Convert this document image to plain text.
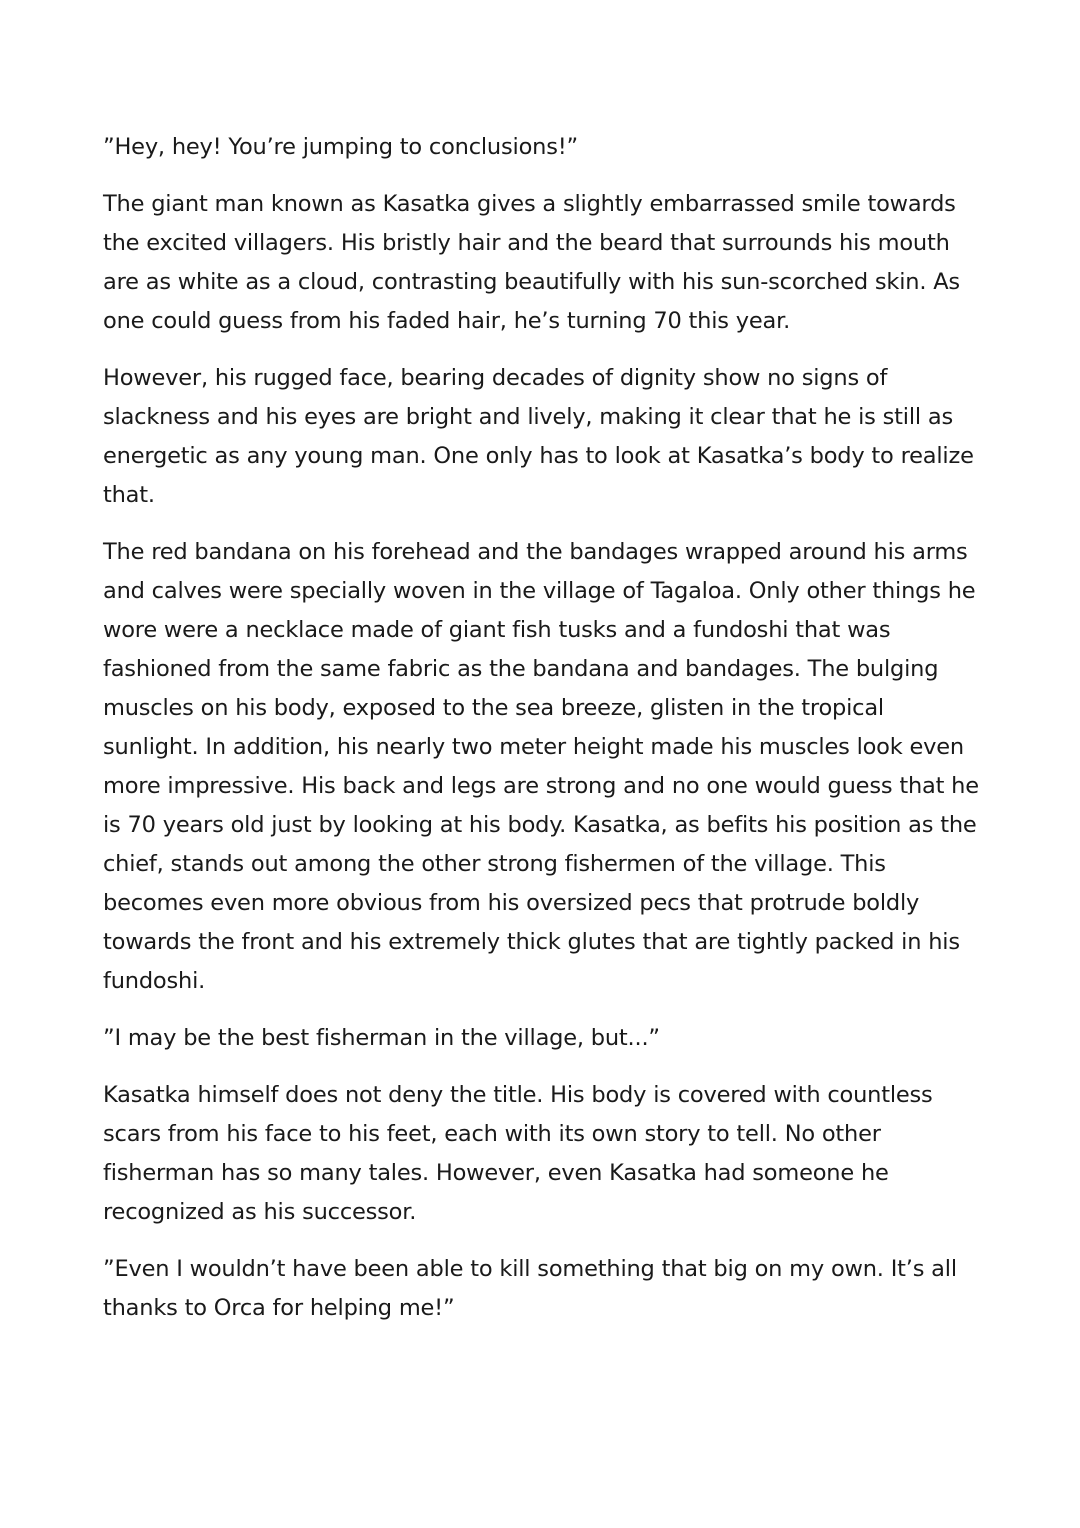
”Hey, hey! You’re jumping to conclusions!”

The giant man known as Kasatka gives a slightly embarrassed smile towards the excited villagers. His bristly hair and the beard that surrounds his mouth are as white as a cloud, contrasting beautifully with his sun-scorched skin. As one could guess from his faded hair, he’s turning 70 this year.

However, his rugged face, bearing decades of dignity show no signs of slackness and his eyes are bright and lively, making it clear that he is still as energetic as any young man. One only has to look at Kasatka’s body to realize that.

The red bandana on his forehead and the bandages wrapped around his arms and calves were specially woven in the village of Tagaloa. Only other things he wore were a necklace made of giant fish tusks and a fundoshi that was fashioned from the same fabric as the bandana and bandages. The bulging muscles on his body, exposed to the sea breeze, glisten in the tropical sunlight. In addition, his nearly two meter height made his muscles look even more impressive. His back and legs are strong and no one would guess that he is 70 years old just by looking at his body. Kasatka, as befits his position as the chief, stands out among the other strong fishermen of the village. This becomes even more obvious from his oversized pecs that protrude boldly towards the front and his extremely thick glutes that are tightly packed in his fundoshi.

”I may be the best fisherman in the village, but...”

Kasatka himself does not deny the title. His body is covered with countless scars from his face to his feet, each with its own story to tell. No other fisherman has so many tales. However, even Kasatka had someone he recognized as his successor.

”Even I wouldn’t have been able to kill something that big on my own. It’s all thanks to Orca for helping me!”
